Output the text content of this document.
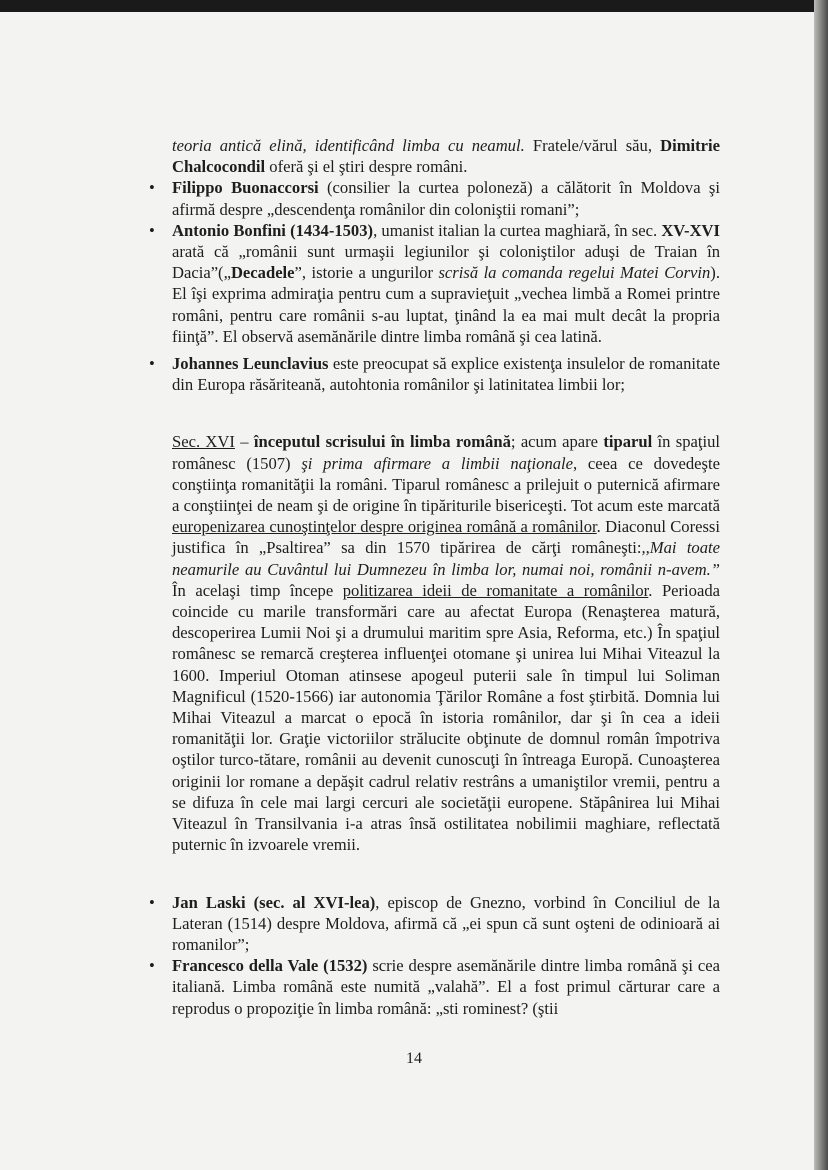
teoria antică elină, identificând limba cu neamul. Fratele/vărul său, Dimitrie Chalcocondil oferă şi el ştiri despre români.

• Filippo Buonaccorsi (consilier la curtea poloneză) a călătorit în Moldova şi afirmă despre „descendenţa românilor din coloniştii romani”;

• Antonio Bonfini (1434-1503), umanist italian la curtea maghiară, în sec. XV-XVI arată că „românii sunt urmaşii legiunilor şi coloniştilor aduşi de Traian în Dacia”(„Decadele”, istorie a ungurilor scrisă la comanda regelui Matei Corvin). El îşi exprima admiraţia pentru cum a supravieţuit „vechea limbă a Romei printre români, pentru care românii s-au luptat, ţinând la ea mai mult decât la propria fiinţă”. El observă asemănările dintre limba română şi cea latină.

• Johannes Leunclavius este preocupat să explice existenţa insulelor de romanitate din Europa răsăriteană, autohtonia românilor şi latinitatea limbii lor;

Sec. XVI – începutul scrisului în limba română; acum apare tiparul în spaţiul românesc (1507) şi prima afirmare a limbii naţionale, ceea ce dovedeşte conştiinţa romanităţii la români. Tiparul românesc a prilejuit o puternică afirmare a conştiinţei de neam şi de origine în tipăriturile bisericeşti. Tot acum este marcată europenizarea cunoştinţelor despre originea română a românilor. Diaconul Coressi justifica în „Psaltirea” sa din 1570 tipărirea de cărţi româneşti:,,Mai toate neamurile au Cuvântul lui Dumnezeu în limba lor, numai noi, românii n-avem.” În acelaşi timp începe politizarea ideii de romanitate a românilor. Perioada coincide cu marile transformări care au afectat Europa (Renaşterea matură, descoperirea Lumii Noi şi a drumului maritim spre Asia, Reforma, etc.) În spaţiul românesc se remarcă creşterea influenţei otomane şi unirea lui Mihai Viteazul la 1600. Imperiul Otoman atinsese apogeul puterii sale în timpul lui Soliman Magnificul (1520-1566) iar autonomia Ţărilor Române a fost ştirbită. Domnia lui Mihai Viteazul a marcat o epocă în istoria românilor, dar şi în cea a ideii romanităţii lor. Graţie victoriilor strălucite obţinute de domnul român împotriva oştilor turco-tătare, românii au devenit cunoscuţi în întreaga Europă. Cunoaşterea originii lor romane a depăşit cadrul relativ restrâns a umaniştilor vremii, pentru a se difuza în cele mai largi cercuri ale societăţii europene. Stăpânirea lui Mihai Viteazul în Transilvania i-a atras însă ostilitatea nobilimii maghiare, reflectată puternic în izvoarele vremii.

• Jan Laski (sec. al XVI-lea), episcop de Gnezno, vorbind în Conciliul de la Lateran (1514) despre Moldova, afirmă că „ei spun că sunt oşteni de odinioară ai romanilor”;

• Francesco della Vale (1532) scrie despre asemănările dintre limba română şi cea italiană. Limba română este numită „valahă”. El a fost primul cărturar care a reprodus o propoziţie în limba română: „sti rominest? (ştii

14
